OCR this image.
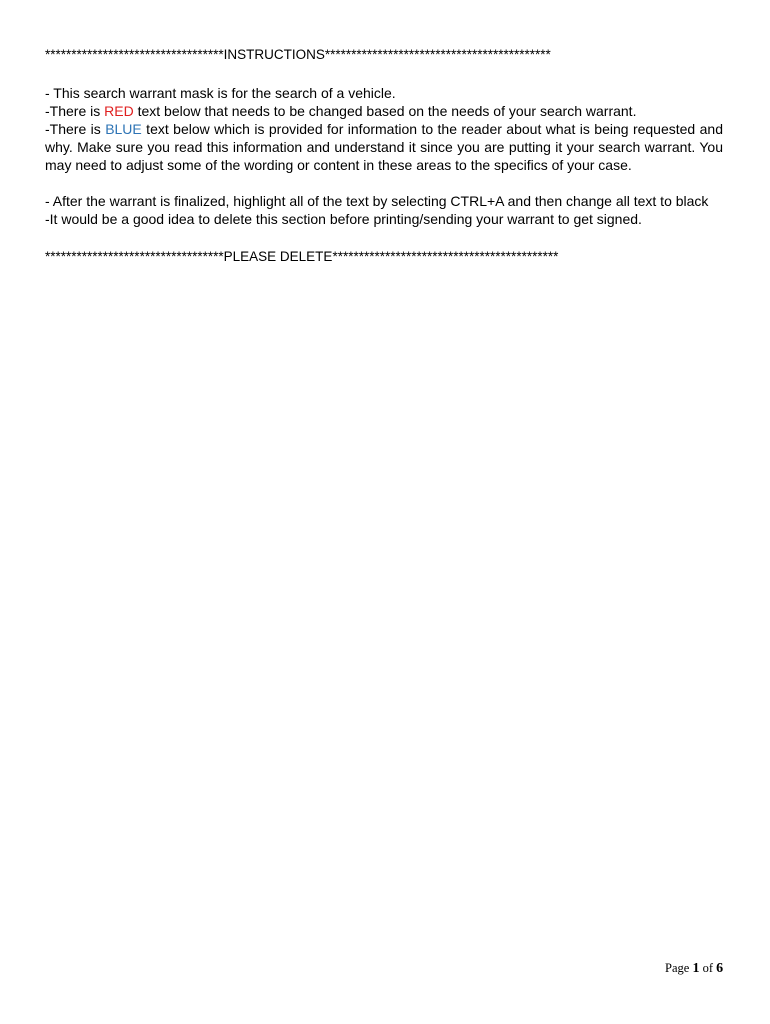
**********************************INSTRUCTIONS*******************************************

- This search warrant mask is for the search of a vehicle.

-There is RED text below that needs to be changed based on the needs of your search warrant.

-There is BLUE text below which is provided for information to the reader about what is being requested and why. Make sure you read this information and understand it since you are putting it your search warrant. You may need to adjust some of the wording or content in these areas to the specifics of your case.

- After the warrant is finalized, highlight all of the text by selecting CTRL+A and then change all text to black

-It would be a good idea to delete this section before printing/sending your warrant to get signed.

**********************************PLEASE DELETE*******************************************

Page 1 of 6
